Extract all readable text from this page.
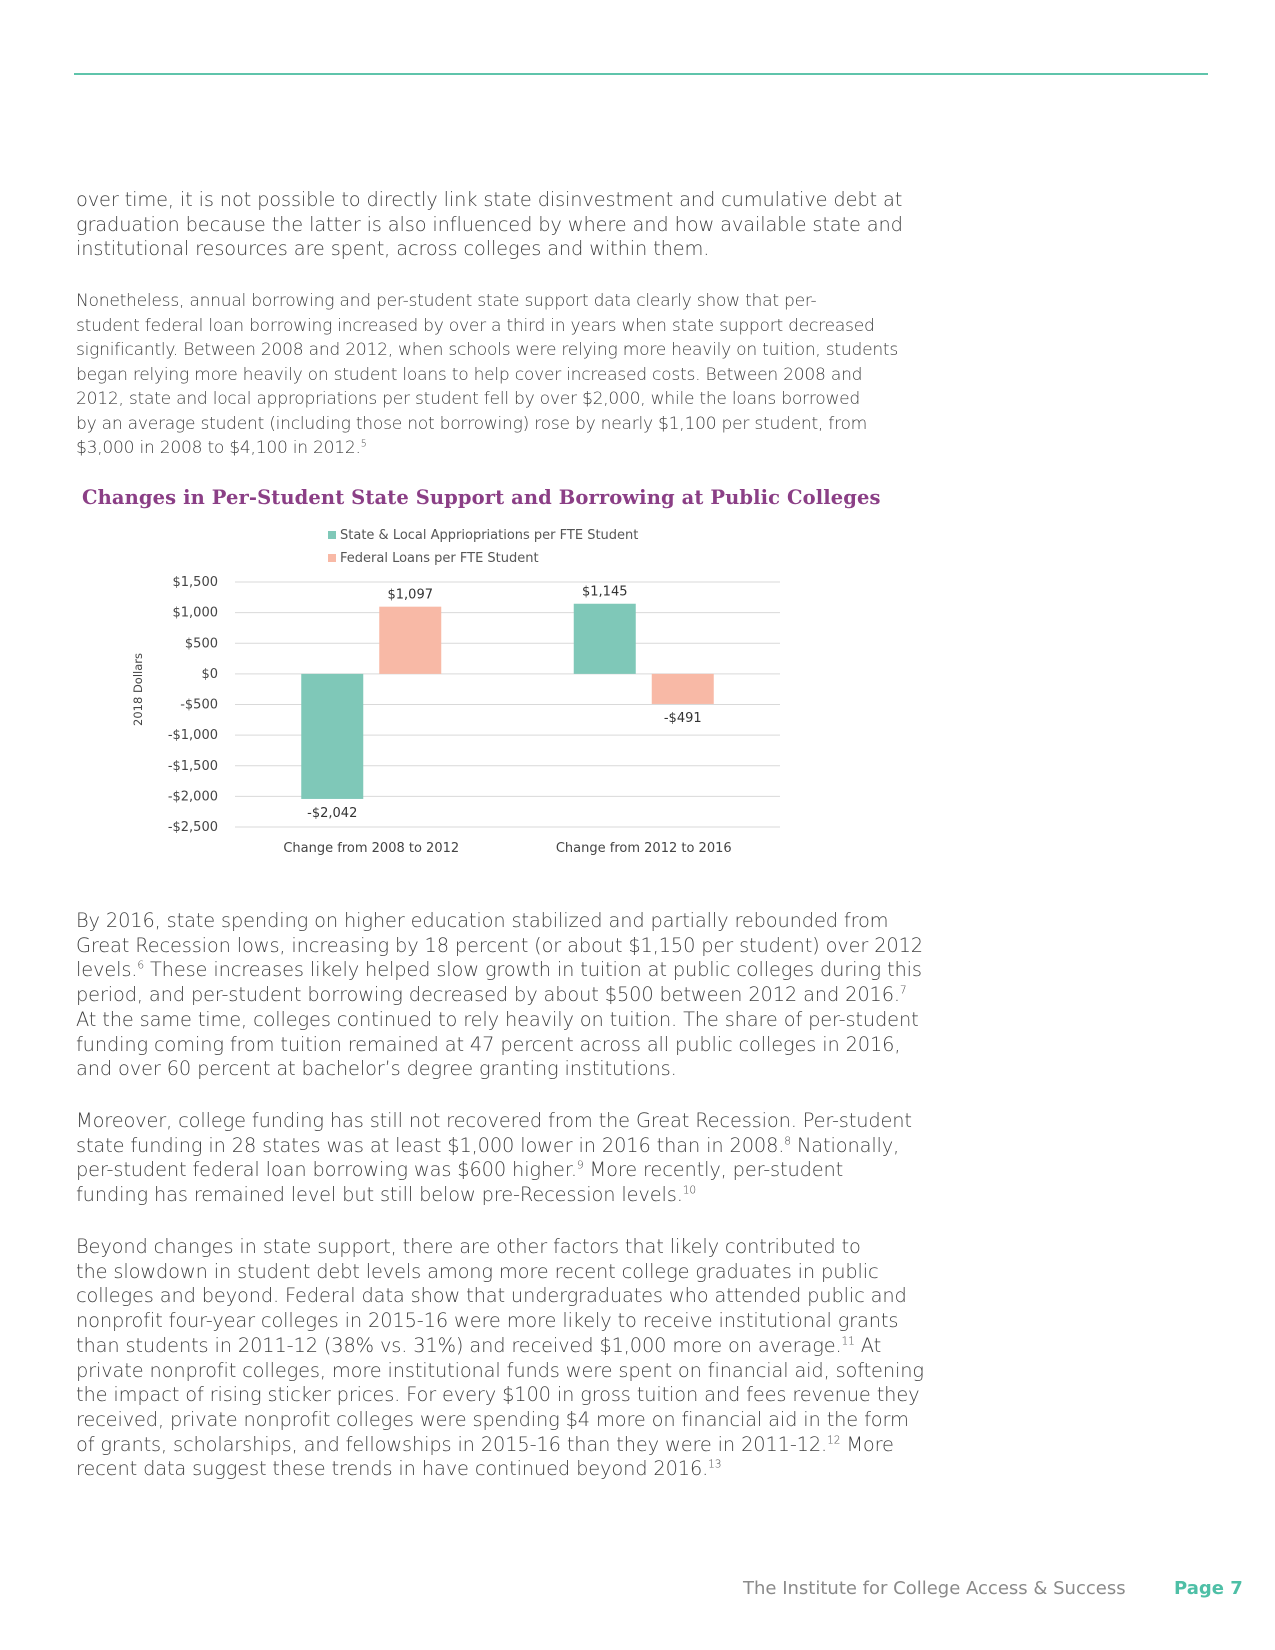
over time, it is not possible to directly link state disinvestment and cumulative debt at
graduation because the latter is also influenced by where and how available state and
institutional resources are spent, across colleges and within them.

Nonetheless, annual borrowing and per-student state support data clearly show that per-
student federal loan borrowing increased by over a third in years when state support decreased
significantly. Between 2008 and 2012, when schools were relying more heavily on tuition, students
began relying more heavily on student loans to help cover increased costs. Between 2008 and
2012, state and local appropriations per student fell by over $2,000, while the loans borrowed
by an average student (including those not borrowing) rose by nearly $1,100 per student, from
$3,000 in 2008 to $4,100 in 2012.$^5$

Changes in Per-Student State Support and Borrowing at Public Colleges
State & Local Appriopriations per FTE Student
Federal Loans per FTE Student
$1,500
$1,000
$500
$0
-$500
-$1,000
-$1,500
-$2,000
-$2,500
2018 Dollars
-$2,042
$1,097
Change from 2008 to 2012
$1,145
-$491
Change from 2012 to 2016

By 2016, state spending on higher education stabilized and partially rebounded from
Great Recession lows, increasing by 18 percent (or about $1,150 per student) over 2012
levels.$^6$ These increases likely helped slow growth in tuition at public colleges during this
period, and per-student borrowing decreased by about $500 between 2012 and 2016.$^7$
At the same time, colleges continued to rely heavily on tuition. The share of per-student
funding coming from tuition remained at 47 percent across all public colleges in 2016,
and over 60 percent at bachelor’s degree granting institutions.

Moreover, college funding has still not recovered from the Great Recession. Per-student
state funding in 28 states was at least $1,000 lower in 2016 than in 2008.$^8$ Nationally,
per-student federal loan borrowing was $600 higher.$^9$ More recently, per-student
funding has remained level but still below pre-Recession levels.$^{10}$

Beyond changes in state support, there are other factors that likely contributed to
the slowdown in student debt levels among more recent college graduates in public
colleges and beyond. Federal data show that undergraduates who attended public and
nonprofit four-year colleges in 2015-16 were more likely to receive institutional grants
than students in 2011-12 (38% vs. 31%) and received $1,000 more on average.$^{11}$ At
private nonprofit colleges, more institutional funds were spent on financial aid, softening
the impact of rising sticker prices. For every $100 in gross tuition and fees revenue they
received, private nonprofit colleges were spending $4 more on financial aid in the form
of grants, scholarships, and fellowships in 2015-16 than they were in 2011-12.12 More
recent data suggest these trends in have continued beyond 2016.13

The Institute for College Access & Success	Page 7
